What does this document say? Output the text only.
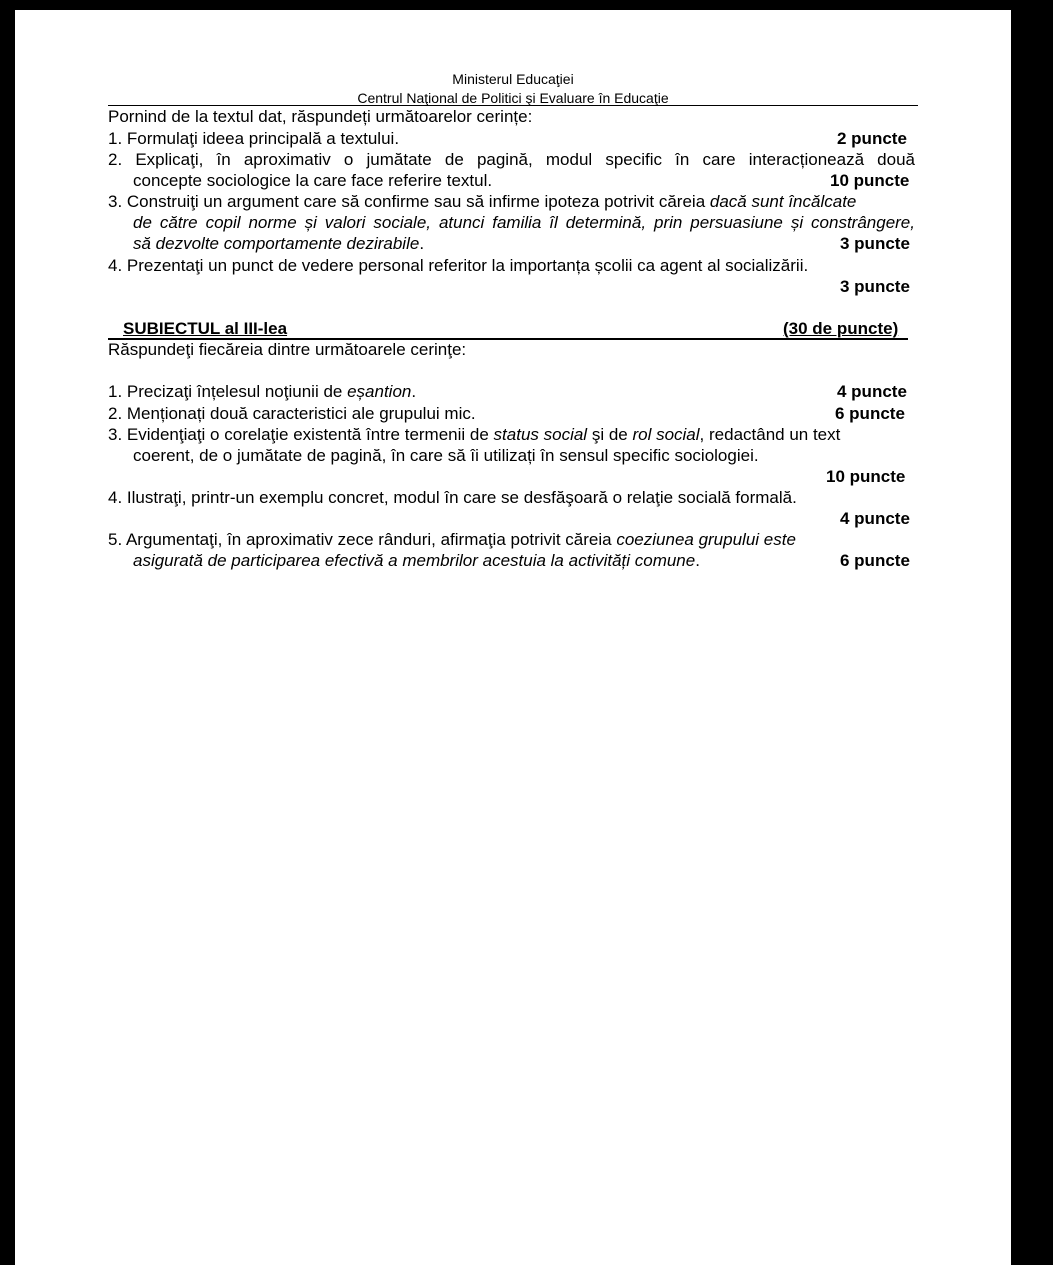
Ministerul Educaţiei
Centrul Naţional de Politici şi Evaluare în Educaţie
Pornind de la textul dat, răspundeți următoarelor cerințe:
1. Formulaţi ideea principală a textului.	2 puncte
2. Explicaţi, în aproximativ o jumătate de pagină, modul specific în care interacționează două
concepte sociologice la care face referire textul.	10 puncte
3. Construiţi un argument care să confirme sau să infirme ipoteza potrivit căreia dacă sunt încălcate
de către copil norme și valori sociale, atunci familia îl determină, prin persuasiune și constrângere,
să dezvolte comportamente dezirabile.	3 puncte
4. Prezentaţi un punct de vedere personal referitor la importanța școlii ca agent al socializării.
3 puncte
SUBIECTUL al III-lea	(30 de puncte)
Răspundeţi fiecăreia dintre următoarele cerinţe:
1. Precizaţi înțelesul noţiunii de eșantion.	4 puncte
2. Menționați două caracteristici ale grupului mic.	6 puncte
3. Evidenţiaţi o corelaţie existentă între termenii de status social şi de rol social, redactând un text
coerent, de o jumătate de pagină, în care să îi utilizați în sensul specific sociologiei.
10 puncte
4. Ilustraţi, printr-un exemplu concret, modul în care se desfăşoară o relaţie socială formală.
4 puncte
5. Argumentaţi, în aproximativ zece rânduri, afirmaţia potrivit căreia coeziunea grupului este
asigurată de participarea efectivă a membrilor acestuia la activități comune.	6 puncte
